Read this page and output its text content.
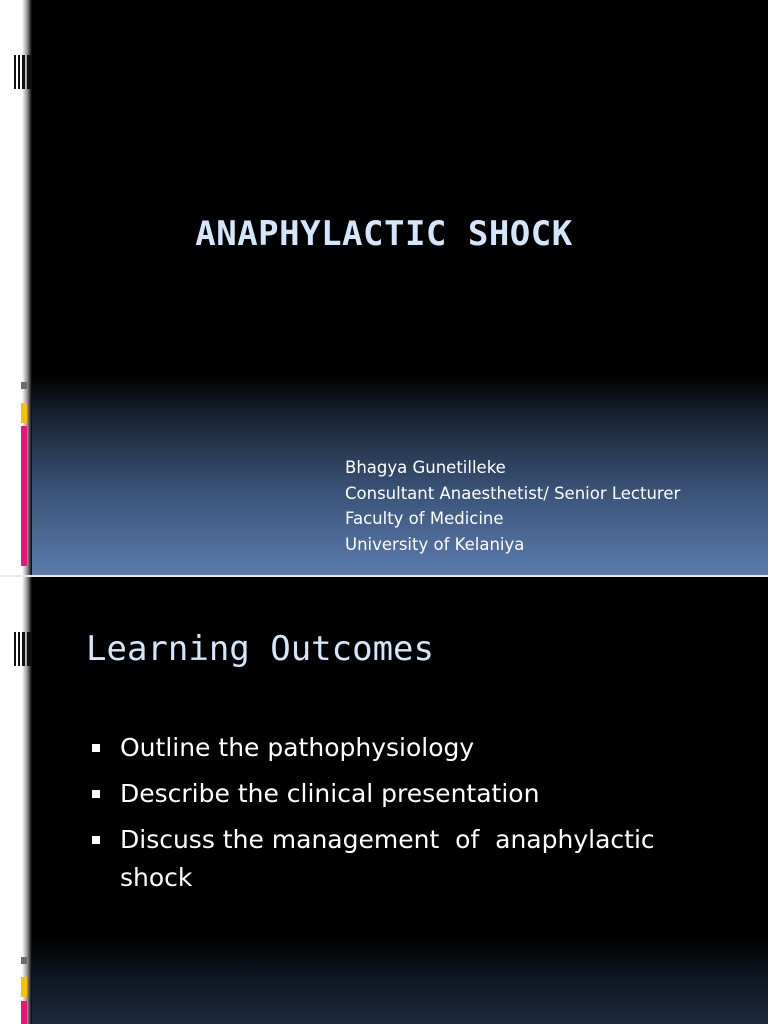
ANAPHYLACTIC SHOCK
Bhagya Gunetilleke
Consultant Anaesthetist/ Senior Lecturer
Faculty of Medicine
University of Kelaniya
Learning Outcomes
Outline the pathophysiology
Describe the clinical presentation
Discuss the management  of  anaphylactic shock
